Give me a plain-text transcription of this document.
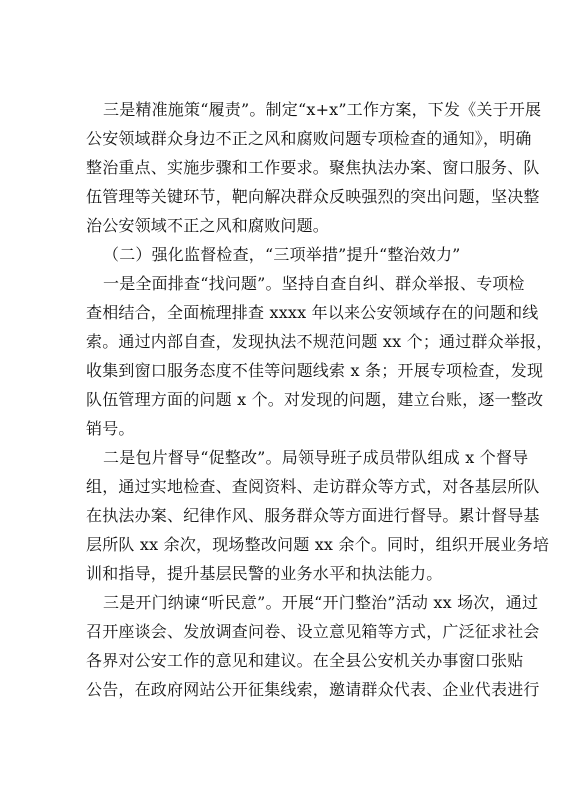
三是精准施策“履责”。制定“x+x”工作方案，下发《关于开展
公安领域群众身边不正之风和腐败问题专项检查的通知》，明确
整治重点、实施步骤和工作要求。聚焦执法办案、窗口服务、队
伍管理等关键环节，靶向解决群众反映强烈的突出问题，坚决整
治公安领域不正之风和腐败问题。
（二）强化监督检查，“三项举措”提升“整治效力”
一是全面排查“找问题”。坚持自查自纠、群众举报、专项检
查相结合，全面梳理排查 xxxx 年以来公安领域存在的问题和线
索。通过内部自查，发现执法不规范问题 xx 个；通过群众举报，
收集到窗口服务态度不佳等问题线索 x 条；开展专项检查，发现
队伍管理方面的问题 x 个。对发现的问题，建立台账，逐一整改
销号。
二是包片督导“促整改”。局领导班子成员带队组成 x 个督导
组，通过实地检查、查阅资料、走访群众等方式，对各基层所队
在执法办案、纪律作风、服务群众等方面进行督导。累计督导基
层所队 xx 余次，现场整改问题 xx 余个。同时，组织开展业务培
训和指导，提升基层民警的业务水平和执法能力。
三是开门纳谏“听民意”。开展“开门整治”活动 xx 场次，通过
召开座谈会、发放调查问卷、设立意见箱等方式，广泛征求社会
各界对公安工作的意见和建议。在全县公安机关办事窗口张贴
公告，在政府网站公开征集线索，邀请群众代表、企业代表进行
